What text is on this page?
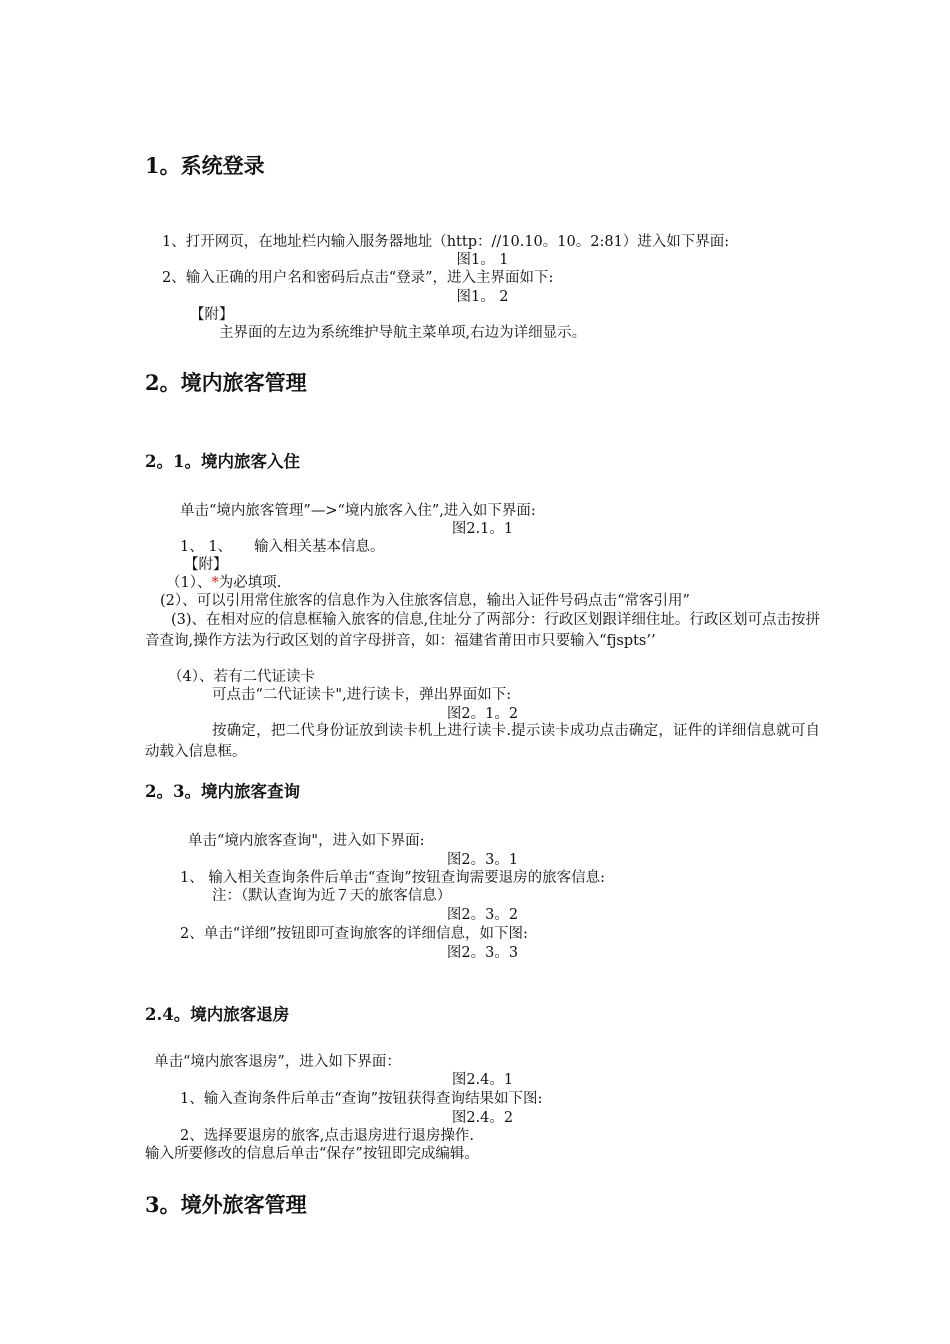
1。系统登录
1、打开网页，在地址栏内输入服务器地址（http：//10.10。10。2:81）进入如下界面:
图1。 1
2、输入正确的用户名和密码后点击“登录”，进入主界面如下:
图1。 2
【附】
主界面的左边为系统维护导航主菜单项,右边为详细显示。
2。境内旅客管理
2。1。境内旅客入住
单击“境内旅客管理”—>“境内旅客入住”,进入如下界面:
图2.1。1
1、 1、 输入相关基本信息。
【附】
（1）、*为必填项.
(2）、可以引用常住旅客的信息作为入住旅客信息，输出入证件号码点击“常客引用”
(3)、在相对应的信息框输入旅客的信息,住址分了两部分：行政区划跟详细住址。行政区划可点击按拼音查询,操作方法为行政区划的首字母拼音，如：福建省莆田市只要输入“fjspts’’
（4）、若有二代证读卡
可点击“二代证读卡",进行读卡，弹出界面如下:
图2。1。2
按确定，把二代身份证放到读卡机上进行读卡.提示读卡成功点击确定，证件的详细信息就可自动载入信息框。
2。3。境内旅客查询
单击“境内旅客查询"，进入如下界面:
图2。3。1
1、 输入相关查询条件后单击“查询”按钮查询需要退房的旅客信息:
注：（默认查询为近７天的旅客信息）
图2。3。2
2、单击“详细”按钮即可查询旅客的详细信息，如下图:
图2。3。3
2.4。境内旅客退房
单击“境内旅客退房”，进入如下界面：
图2.4。1
1、输入查询条件后单击“查询”按钮获得查询结果如下图:
图2.4。2
2、选择要退房的旅客,点击退房进行退房操作.
输入所要修改的信息后单击“保存”按钮即完成编辑。
3。境外旅客管理
